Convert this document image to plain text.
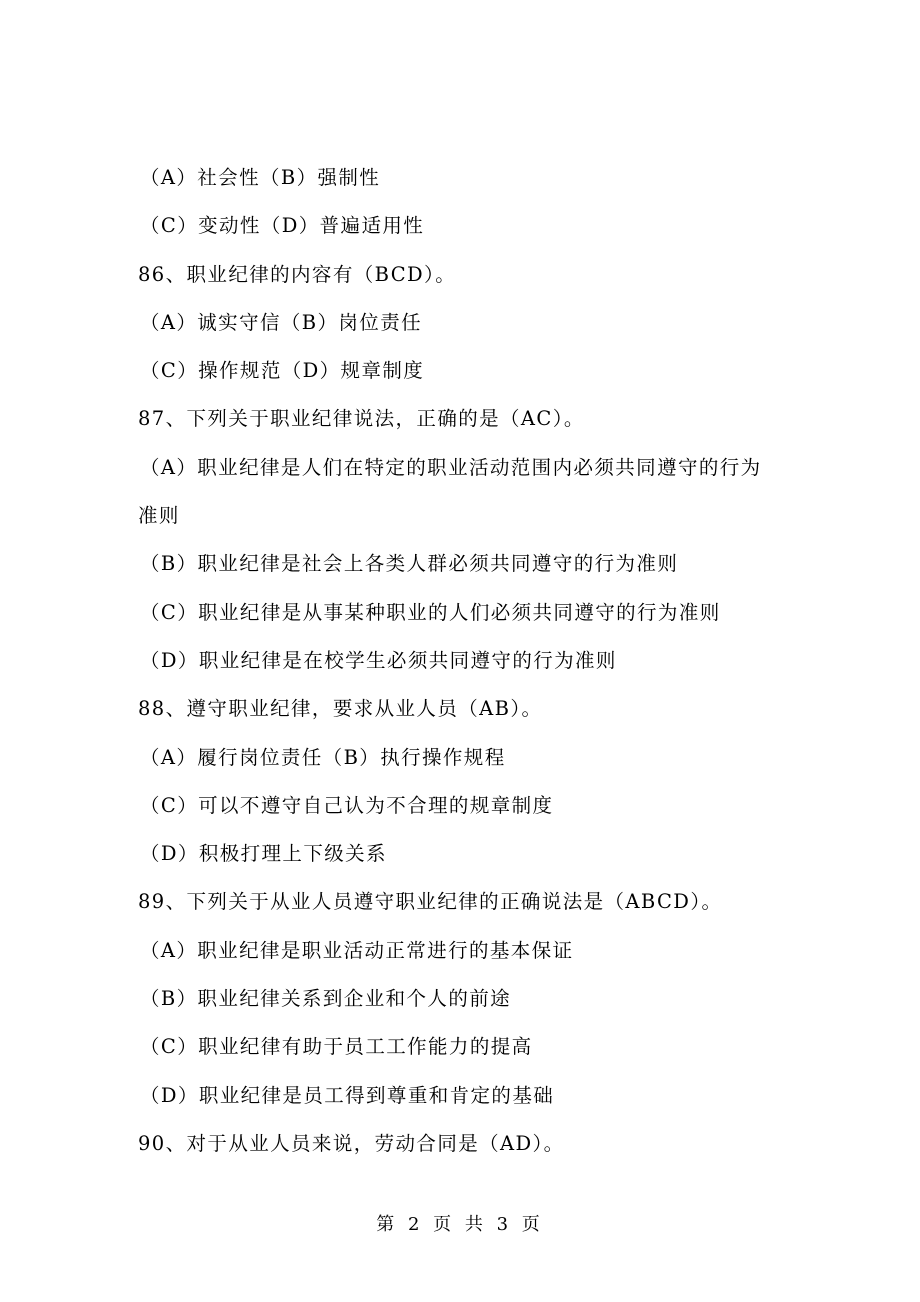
（A）社会性（B）强制性
（C）变动性（D）普遍适用性
86、职业纪律的内容有（BCD）。
（A）诚实守信（B）岗位责任
（C）操作规范（D）规章制度
87、下列关于职业纪律说法，正确的是（AC）。
（A）职业纪律是人们在特定的职业活动范围内必须共同遵守的行为
准则
（B）职业纪律是社会上各类人群必须共同遵守的行为准则
（C）职业纪律是从事某种职业的人们必须共同遵守的行为准则
（D）职业纪律是在校学生必须共同遵守的行为准则
88、遵守职业纪律，要求从业人员（AB）。
（A）履行岗位责任（B）执行操作规程
（C）可以不遵守自己认为不合理的规章制度
（D）积极打理上下级关系
89、下列关于从业人员遵守职业纪律的正确说法是（ABCD）。
（A）职业纪律是职业活动正常进行的基本保证
（B）职业纪律关系到企业和个人的前途
（C）职业纪律有助于员工工作能力的提高
（D）职业纪律是员工得到尊重和肯定的基础
90、对于从业人员来说，劳动合同是（AD）。
第 2 页 共 3 页
